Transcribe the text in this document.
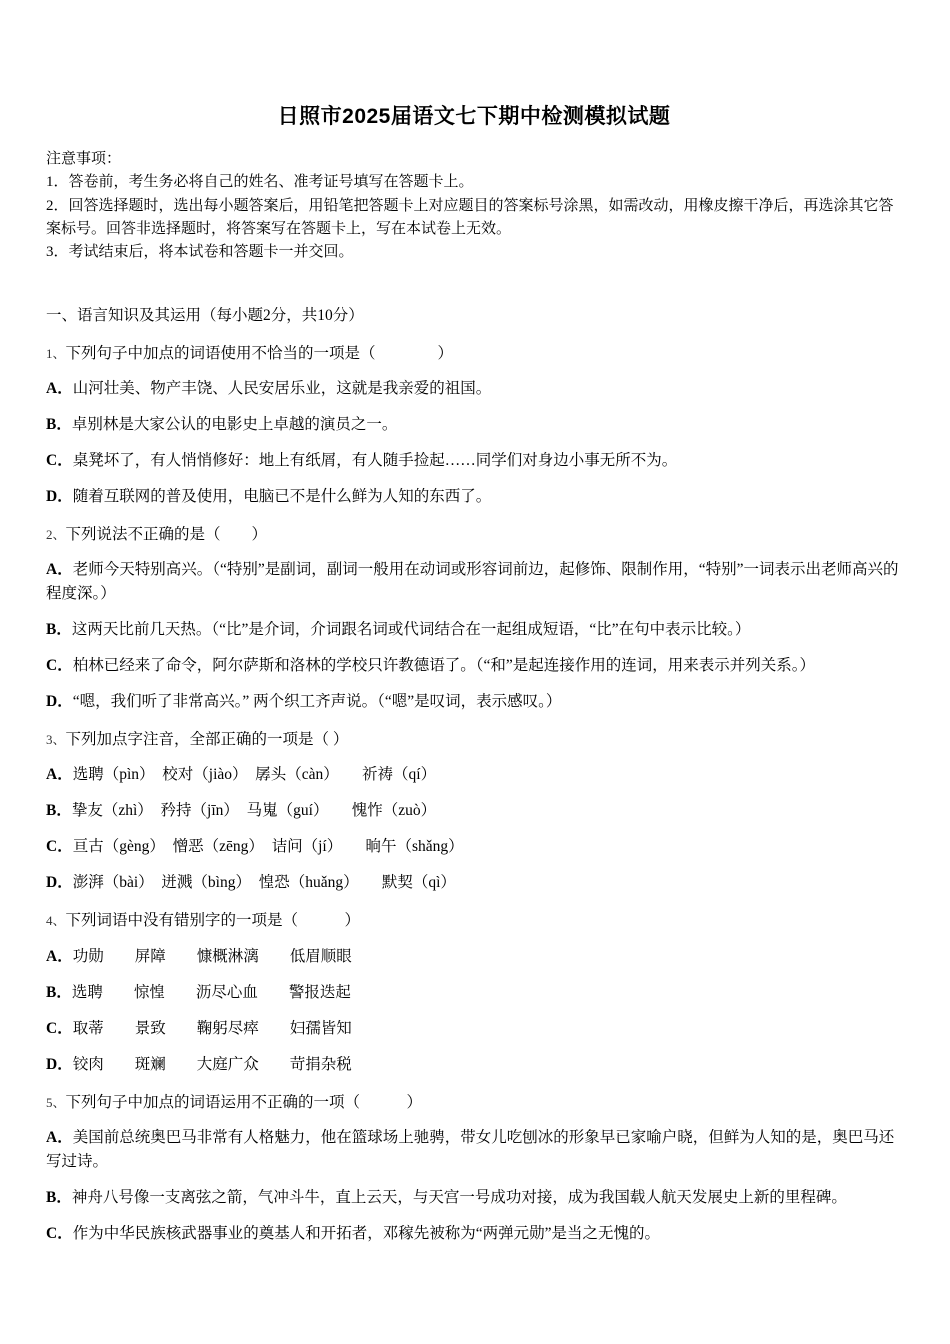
日照市2025届语文七下期中检测模拟试题

注意事项：

1．答卷前，考生务必将自己的姓名、准考证号填写在答题卡上。

2．回答选择题时，选出每小题答案后，用铅笔把答题卡上对应题目的答案标号涂黑，如需改动，用橡皮擦干净后，再选涂其它答案标号。回答非选择题时，将答案写在答题卡上，写在本试卷上无效。

3．考试结束后，将本试卷和答题卡一并交回。

一、语言知识及其运用（每小题2分，共10分）

1、下列句子中加点的词语使用不恰当的一项是（　　　　）

A．山河壮美、物产丰饶、人民安居乐业，这就是我亲爱的祖国。

B．卓别林是大家公认的电影史上卓越的演员之一。

C．桌凳坏了，有人悄悄修好：地上有纸屑，有人随手捡起……同学们对身边小事无所不为。

D．随着互联网的普及使用，电脑已不是什么鲜为人知的东西了。

2、下列说法不正确的是（　　）

A．老师今天特别高兴。（“特别”是副词，副词一般用在动词或形容词前边，起修饰、限制作用，“特别”一词表示出老师高兴的程度深。）

B．这两天比前几天热。（“比”是介词，介词跟名词或代词结合在一起组成短语，“比”在句中表示比较。）

C．柏林已经来了命令，阿尔萨斯和洛林的学校只许教德语了。（“和”是起连接作用的连词，用来表示并列关系。）

D．“嗯，我们听了非常高兴。” 两个织工齐声说。（“嗯”是叹词，表示感叹。）

3、下列加点字注音，全部正确的一项是（ ）

A．选聘（pìn）　校对（jiào）　孱头（càn）　　祈祷（qí）

B．挚友（zhì）　矜持（jīn）　马嵬（guí）　　愧怍（zuò）

C．亘古（gèng）　憎恶（zēng）　诘问（jí）　　晌午（shǎng）

D．澎湃（bài）　迸溅（bìng）　惶恐（huǎng）　　默契（qì）

4、下列词语中没有错别字的一项是（　　　）

A．功勋　　屏障　　慷概淋漓　　低眉顺眼

B．选聘　　惊惶　　沥尽心血　　警报迭起

C．取蒂　　景致　　鞠躬尽瘁　　妇孺皆知

D．铰肉　　斑斓　　大庭广众　　苛捐杂税

5、下列句子中加点的词语运用不正确的一项（　　　）

A．美国前总统奥巴马非常有人格魅力，他在篮球场上驰骋，带女儿吃刨冰的形象早已家喻户晓，但鲜为人知的是，奥巴马还写过诗。

B．神舟八号像一支离弦之箭，气冲斗牛，直上云天，与天宫一号成功对接，成为我国载人航天发展史上新的里程碑。

C．作为中华民族核武器事业的奠基人和开拓者，邓稼先被称为“两弹元勋”是当之无愧的。
